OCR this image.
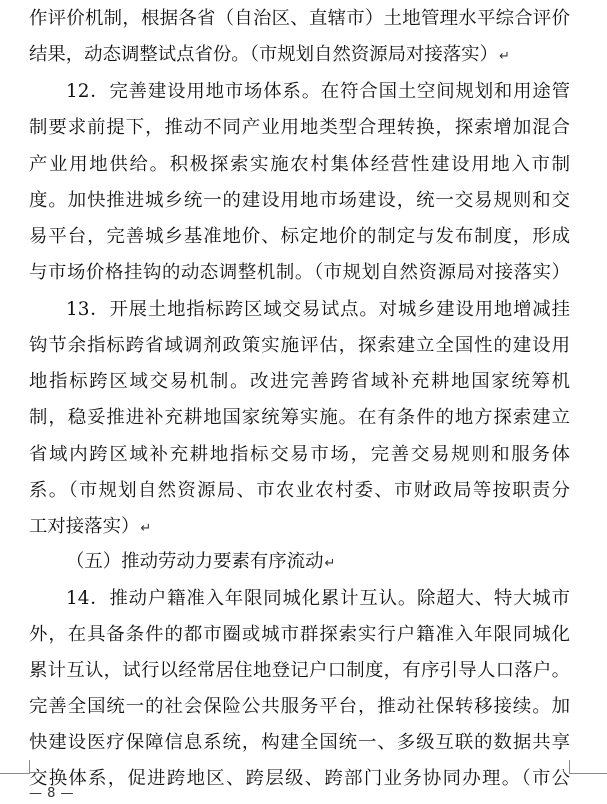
作评价机制，根据各省（自治区、直辖市）土地管理水平综合评价
结果，动态调整试点省份。（市规划自然资源局对接落实）↵
12．完善建设用地市场体系。在符合国土空间规划和用途管
制要求前提下，推动不同产业用地类型合理转换，探索增加混合
产业用地供给。积极探索实施农村集体经营性建设用地入市制
度。加快推进城乡统一的建设用地市场建设，统一交易规则和交
易平台，完善城乡基准地价、标定地价的制定与发布制度，形成
与市场价格挂钩的动态调整机制。（市规划自然资源局对接落实）
13．开展土地指标跨区域交易试点。对城乡建设用地增减挂
钩节余指标跨省域调剂政策实施评估，探索建立全国性的建设用
地指标跨区域交易机制。改进完善跨省域补充耕地国家统筹机
制，稳妥推进补充耕地国家统筹实施。在有条件的地方探索建立
省域内跨区域补充耕地指标交易市场，完善交易规则和服务体
系。（市规划自然资源局、市农业农村委、市财政局等按职责分
工对接落实）↵
（五）推动劳动力要素有序流动↵
14．推动户籍准入年限同城化累计互认。除超大、特大城市
外，在具备条件的都市圈或城市群探索实行户籍准入年限同城化
累计互认，试行以经常居住地登记户口制度，有序引导人口落户。
完善全国统一的社会保险公共服务平台，推动社保转移接续。加
快建设医疗保障信息系统，构建全国统一、多级互联的数据共享
交换体系，促进跨地区、跨层级、跨部门业务协同办理。（市公
— 8 —
